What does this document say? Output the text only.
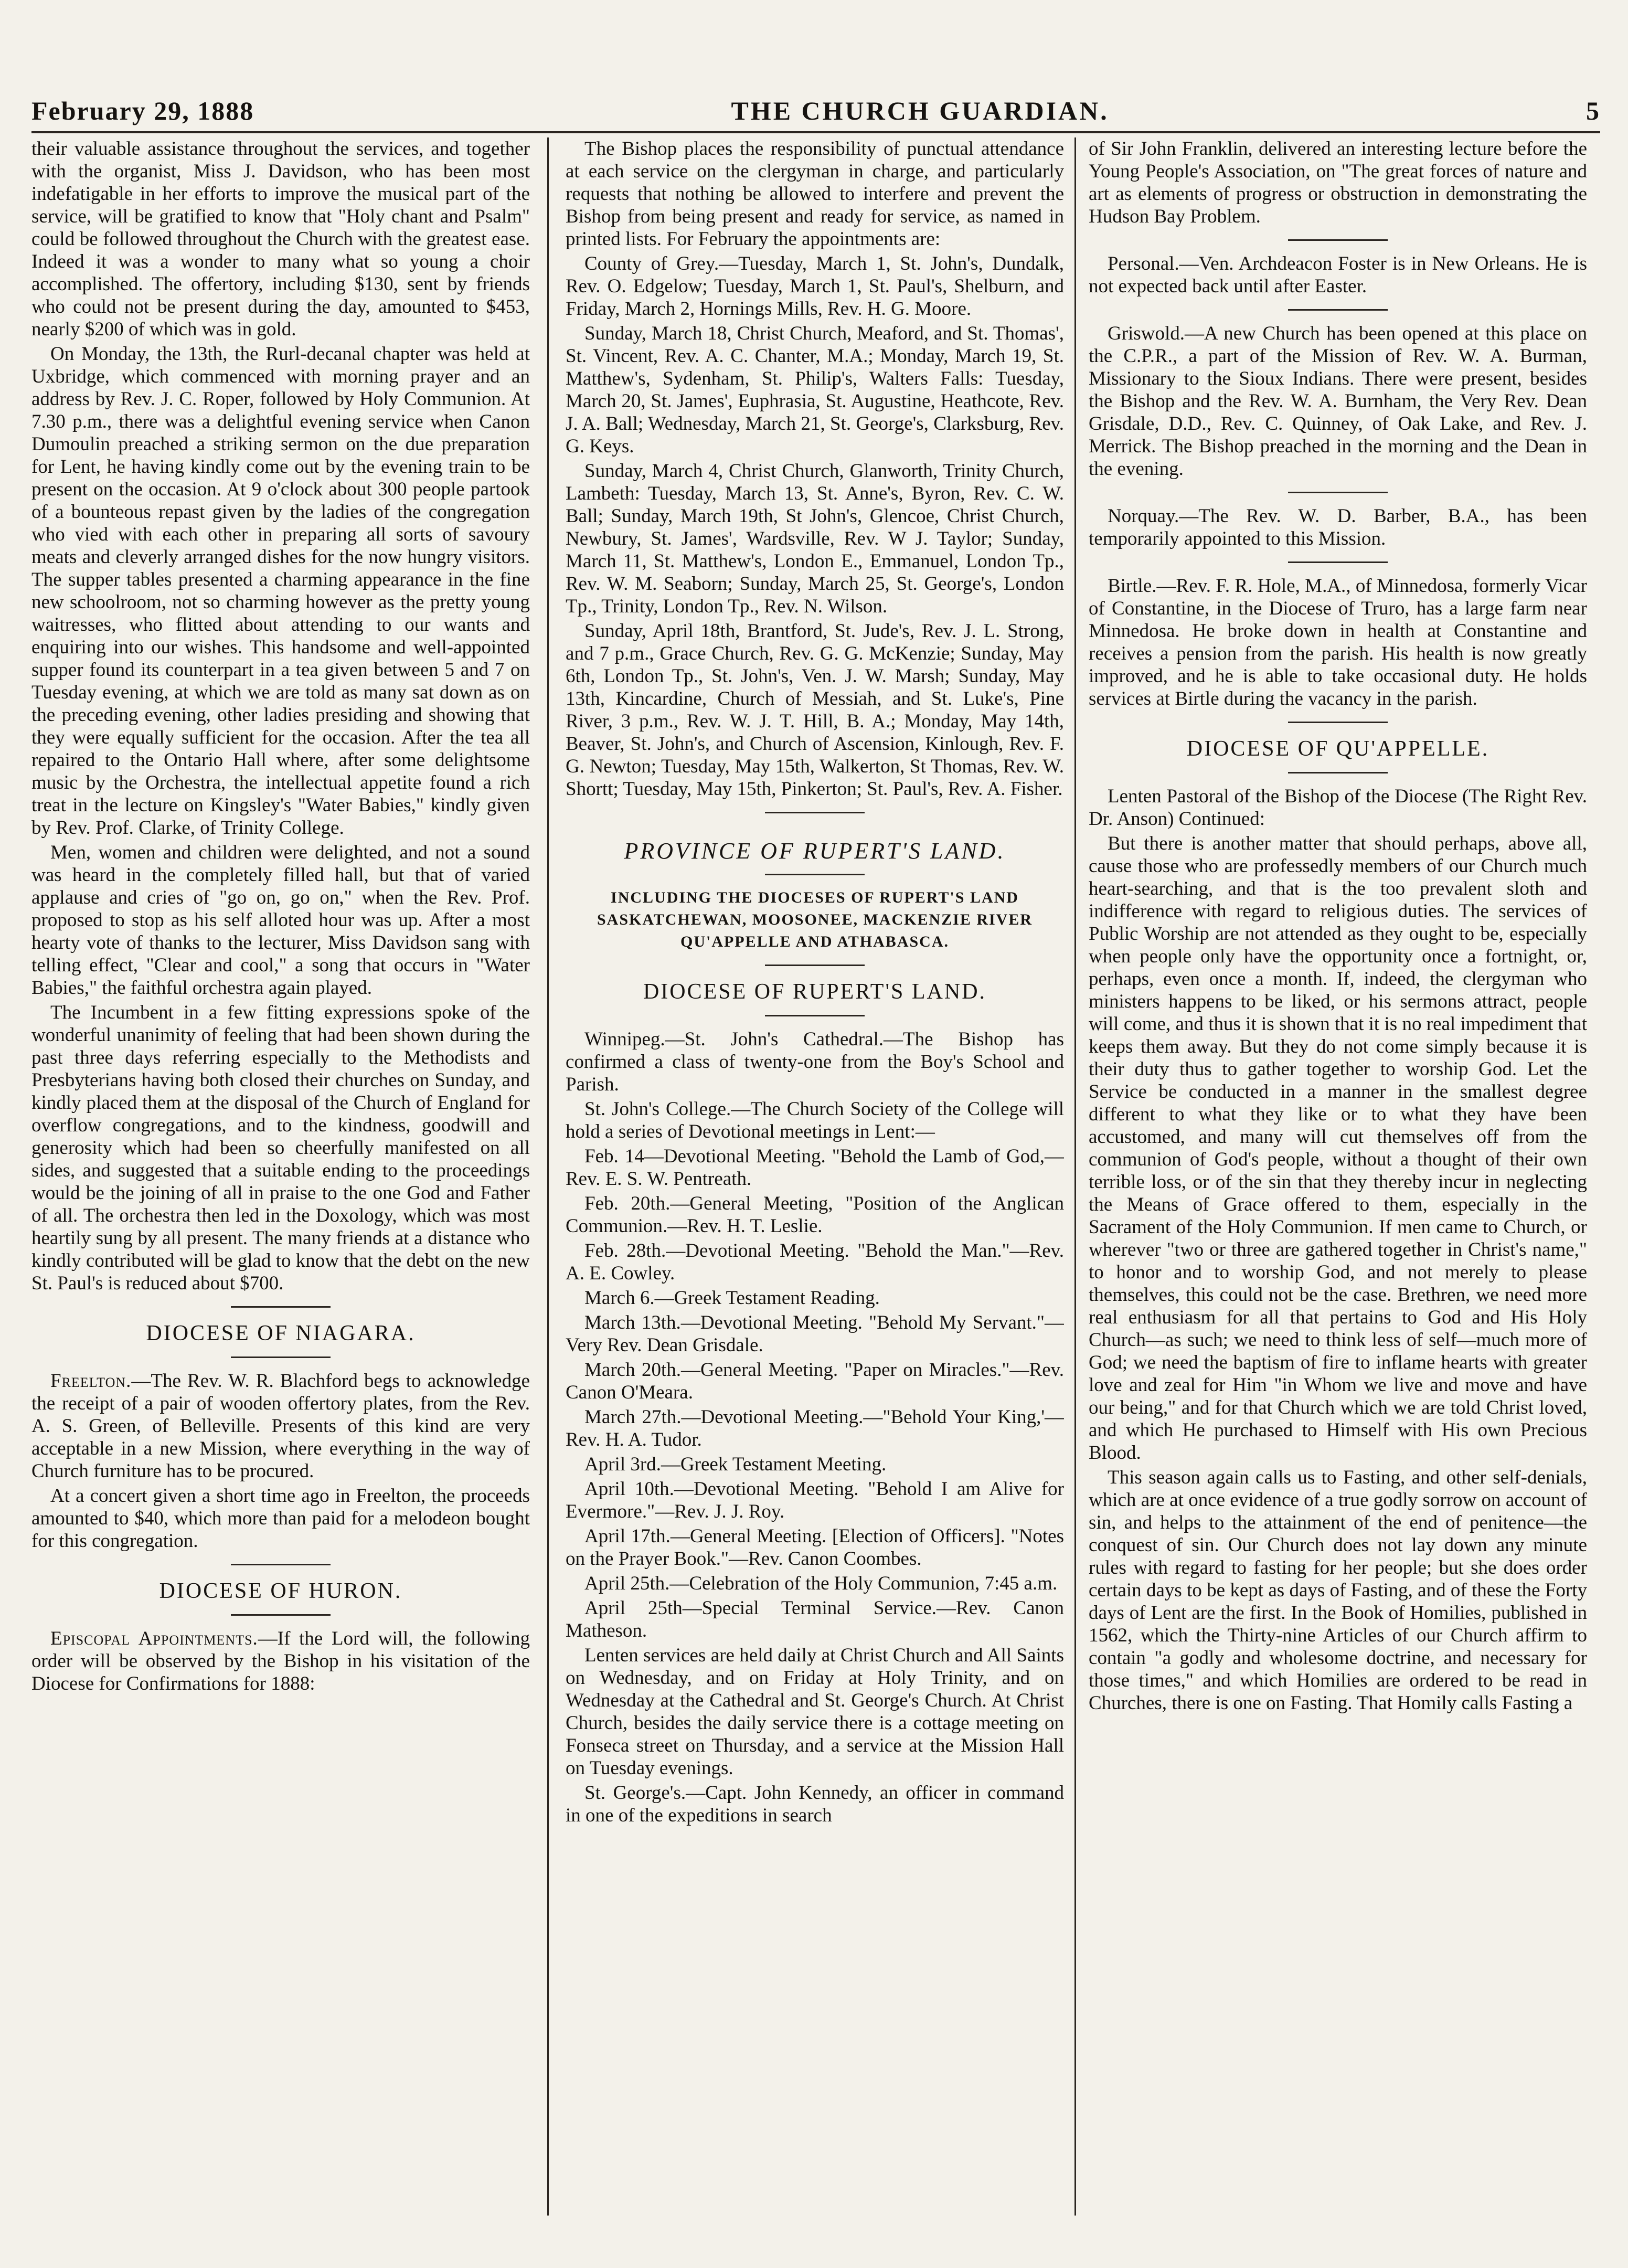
February 29, 1888	THE CHURCH GUARDIAN.	5

their valuable assistance throughout the services, and together with the organist, Miss J. Davidson, who has been most indefatigable in her efforts to improve the musical part of the service, will be gratified to know that "Holy chant and Psalm" could be followed throughout the Church with the greatest ease. Indeed it was a wonder to many what so young a choir accomplished. The offertory, including $130, sent by friends who could not be present during the day, amounted to $453, nearly $200 of which was in gold.

On Monday, the 13th, the Rurl-decanal chapter was held at Uxbridge, which commenced with morning prayer and an address by Rev. J. C. Roper, followed by Holy Communion. At 7.30 p.m., there was a delightful evening service when Canon Dumoulin preached a striking sermon on the due preparation for Lent, he having kindly come out by the evening train to be present on the occasion. At 9 o'clock about 300 people partook of a bounteous repast given by the ladies of the congregation who vied with each other in preparing all sorts of savoury meats and cleverly arranged dishes for the now hungry visitors. The supper tables presented a charming appearance in the fine new schoolroom, not so charming however as the pretty young waitresses, who flitted about attending to our wants and enquiring into our wishes. This handsome and well-appointed supper found its counterpart in a tea given between 5 and 7 on Tuesday evening, at which we are told as many sat down as on the preceding evening, other ladies presiding and showing that they were equally sufficient for the occasion. After the tea all repaired to the Ontario Hall where, after some delightsome music by the Orchestra, the intellectual appetite found a rich treat in the lecture on Kingsley's "Water Babies," kindly given by Rev. Prof. Clarke, of Trinity College.

Men, women and children were delighted, and not a sound was heard in the completely filled hall, but that of varied applause and cries of "go on, go on," when the Rev. Prof. proposed to stop as his self alloted hour was up. After a most hearty vote of thanks to the lecturer, Miss Davidson sang with telling effect, "Clear and cool," a song that occurs in "Water Babies," the faithful orchestra again played.

The Incumbent in a few fitting expressions spoke of the wonderful unanimity of feeling that had been shown during the past three days referring especially to the Methodists and Presbyterians having both closed their churches on Sunday, and kindly placed them at the disposal of the Church of England for overflow congregations, and to the kindness, goodwill and generosity which had been so cheerfully manifested on all sides, and suggested that a suitable ending to the proceedings would be the joining of all in praise to the one God and Father of all. The orchestra then led in the Doxology, which was most heartily sung by all present. The many friends at a distance who kindly contributed will be glad to know that the debt on the new St. Paul's is reduced about $700.

DIOCESE OF NIAGARA.

Freelton.—The Rev. W. R. Blachford begs to acknowledge the receipt of a pair of wooden offertory plates, from the Rev. A. S. Green, of Belleville. Presents of this kind are very acceptable in a new Mission, where everything in the way of Church furniture has to be procured.

At a concert given a short time ago in Freelton, the proceeds amounted to $40, which more than paid for a melodeon bought for this congregation.

DIOCESE OF HURON.

Episcopal Appointments.—If the Lord will, the following order will be observed by the Bishop in his visitation of the Diocese for Confirmations for 1888:

The Bishop places the responsibility of punctual attendance at each service on the clergyman in charge, and particularly requests that nothing be allowed to interfere and prevent the Bishop from being present and ready for service, as named in printed lists. For February the appointments are:

County of Grey.—Tuesday, March 1, St. John's, Dundalk, Rev. O. Edgelow; Tuesday, March 1, St. Paul's, Shelburn, and Friday, March 2, Hornings Mills, Rev. H. G. Moore.

Sunday, March 18, Christ Church, Meaford, and St. Thomas', St. Vincent, Rev. A. C. Chanter, M.A.; Monday, March 19, St. Matthew's, Sydenham, St. Philip's, Walters Falls: Tuesday, March 20, St. James', Euphrasia, St. Augustine, Heathcote, Rev. J. A. Ball; Wednesday, March 21, St. George's, Clarksburg, Rev. G. Keys.

Sunday, March 4, Christ Church, Glanworth, Trinity Church, Lambeth: Tuesday, March 13, St. Anne's, Byron, Rev. C. W. Ball; Sunday, March 19th, St John's, Glencoe, Christ Church, Newbury, St. James', Wardsville, Rev. W J. Taylor; Sunday, March 11, St. Matthew's, London E., Emmanuel, London Tp., Rev. W. M. Seaborn; Sunday, March 25, St. George's, London Tp., Trinity, London Tp., Rev. N. Wilson.

Sunday, April 18th, Brantford, St. Jude's, Rev. J. L. Strong, and 7 p.m., Grace Church, Rev. G. G. McKenzie; Sunday, May 6th, London Tp., St. John's, Ven. J. W. Marsh; Sunday, May 13th, Kincardine, Church of Messiah, and St. Luke's, Pine River, 3 p.m., Rev. W. J. T. Hill, B. A.; Monday, May 14th, Beaver, St. John's, and Church of Ascension, Kinlough, Rev. F. G. Newton; Tuesday, May 15th, Walkerton, St Thomas, Rev. W. Shortt; Tuesday, May 15th, Pinkerton; St. Paul's, Rev. A. Fisher.

PROVINCE OF RUPERT'S LAND.
INCLUDING THE DIOCESES OF RUPERT'S LAND SASKATCHEWAN, MOOSONEE, MACKENZIE RIVER QU'APPELLE AND ATHABASCA.
DIOCESE OF RUPERT'S LAND.

Winnipeg.—St. John's Cathedral.—The Bishop has confirmed a class of twenty-one from the Boy's School and Parish.

St. John's College.—The Church Society of the College will hold a series of Devotional meetings in Lent:—

Feb. 14—Devotional Meeting. "Behold the Lamb of God,—Rev. E. S. W. Pentreath.

Feb. 20th.—General Meeting, "Position of the Anglican Communion.—Rev. H. T. Leslie.

Feb. 28th.—Devotional Meeting. "Behold the Man."—Rev. A. E. Cowley.

March 6.—Greek Testament Reading.

March 13th.—Devotional Meeting. "Behold My Servant."—Very Rev. Dean Grisdale.

March 20th.—General Meeting. "Paper on Miracles."—Rev. Canon O'Meara.

March 27th.—Devotional Meeting.—"Behold Your King,'—Rev. H. A. Tudor.

April 3rd.—Greek Testament Meeting.

April 10th.—Devotional Meeting. "Behold I am Alive for Evermore."—Rev. J. J. Roy.

April 17th.—General Meeting. [Election of Officers]. "Notes on the Prayer Book."—Rev. Canon Coombes.

April 25th.—Celebration of the Holy Communion, 7:45 a.m.

April 25th—Special Terminal Service.—Rev. Canon Matheson.

Lenten services are held daily at Christ Church and All Saints on Wednesday, and on Friday at Holy Trinity, and on Wednesday at the Cathedral and St. George's Church. At Christ Church, besides the daily service there is a cottage meeting on Fonseca street on Thursday, and a service at the Mission Hall on Tuesday evenings.

St. George's.—Capt. John Kennedy, an officer in command in one of the expeditions in search

of Sir John Franklin, delivered an interesting lecture before the Young People's Association, on "The great forces of nature and art as elements of progress or obstruction in demonstrating the Hudson Bay Problem.

Personal.—Ven. Archdeacon Foster is in New Orleans. He is not expected back until after Easter.

Griswold.—A new Church has been opened at this place on the C.P.R., a part of the Mission of Rev. W. A. Burman, Missionary to the Sioux Indians. There were present, besides the Bishop and the Rev. W. A. Burnham, the Very Rev. Dean Grisdale, D.D., Rev. C. Quinney, of Oak Lake, and Rev. J. Merrick. The Bishop preached in the morning and the Dean in the evening.

Norquay.—The Rev. W. D. Barber, B.A., has been temporarily appointed to this Mission.

Birtle.—Rev. F. R. Hole, M.A., of Minnedosa, formerly Vicar of Constantine, in the Diocese of Truro, has a large farm near Minnedosa. He broke down in health at Constantine and receives a pension from the parish. His health is now greatly improved, and he is able to take occasional duty. He holds services at Birtle during the vacancy in the parish.

DIOCESE OF QU'APPELLE.

Lenten Pastoral of the Bishop of the Diocese (The Right Rev. Dr. Anson) Continued:

But there is another matter that should perhaps, above all, cause those who are professedly members of our Church much heart-searching, and that is the too prevalent sloth and indifference with regard to religious duties. The services of Public Worship are not attended as they ought to be, especially when people only have the opportunity once a fortnight, or, perhaps, even once a month. If, indeed, the clergyman who ministers happens to be liked, or his sermons attract, people will come, and thus it is shown that it is no real impediment that keeps them away. But they do not come simply because it is their duty thus to gather together to worship God. Let the Service be conducted in a manner in the smallest degree different to what they like or to what they have been accustomed, and many will cut themselves off from the communion of God's people, without a thought of their own terrible loss, or of the sin that they thereby incur in neglecting the Means of Grace offered to them, especially in the Sacrament of the Holy Communion. If men came to Church, or wherever "two or three are gathered together in Christ's name," to honor and to worship God, and not merely to please themselves, this could not be the case. Brethren, we need more real enthusiasm for all that pertains to God and His Holy Church—as such; we need to think less of self—much more of God; we need the baptism of fire to inflame hearts with greater love and zeal for Him "in Whom we live and move and have our being," and for that Church which we are told Christ loved, and which He purchased to Himself with His own Precious Blood.

This season again calls us to Fasting, and other self-denials, which are at once evidence of a true godly sorrow on account of sin, and helps to the attainment of the end of penitence—the conquest of sin. Our Church does not lay down any minute rules with regard to fasting for her people; but she does order certain days to be kept as days of Fasting, and of these the Forty days of Lent are the first. In the Book of Homilies, published in 1562, which the Thirty-nine Articles of our Church affirm to contain "a godly and wholesome doctrine, and necessary for those times," and which Homilies are ordered to be read in Churches, there is one on Fasting. That Homily calls Fasting a
